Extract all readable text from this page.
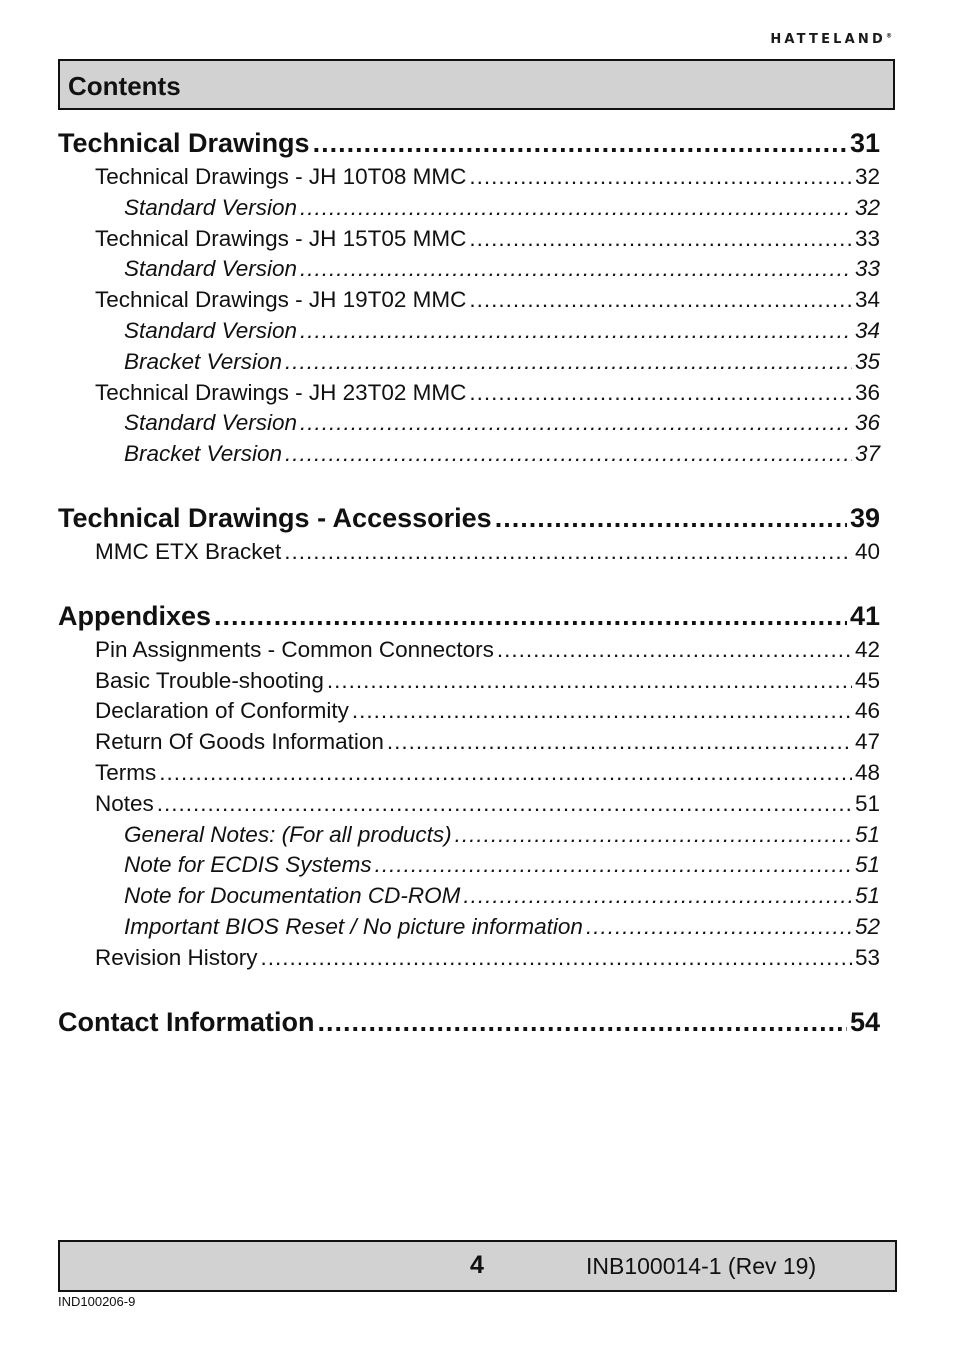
HATTELAND®
Contents
Technical Drawings .....	31
Technical Drawings - JH 10T08 MMC .....	32
Standard Version .....	32
Technical Drawings - JH 15T05 MMC .....	33
Standard Version .....	33
Technical Drawings - JH 19T02 MMC .....	34
Standard Version .....	34
Bracket Version .....	35
Technical Drawings - JH 23T02 MMC .....	36
Standard Version .....	36
Bracket Version .....	37
Technical Drawings - Accessories .....	39
MMC ETX Bracket .....	40
Appendixes .....	41
Pin Assignments - Common Connectors .....	42
Basic Trouble-shooting .....	45
Declaration of Conformity .....	46
Return Of Goods Information .....	47
Terms .....	48
Notes .....	51
General Notes: (For all products) .....	51
Note for ECDIS Systems .....	51
Note for Documentation CD-ROM .....	51
Important BIOS Reset / No picture information .....	52
Revision History .....	53
Contact Information .....	54
4	INB100014-1 (Rev 19)
IND100206-9
